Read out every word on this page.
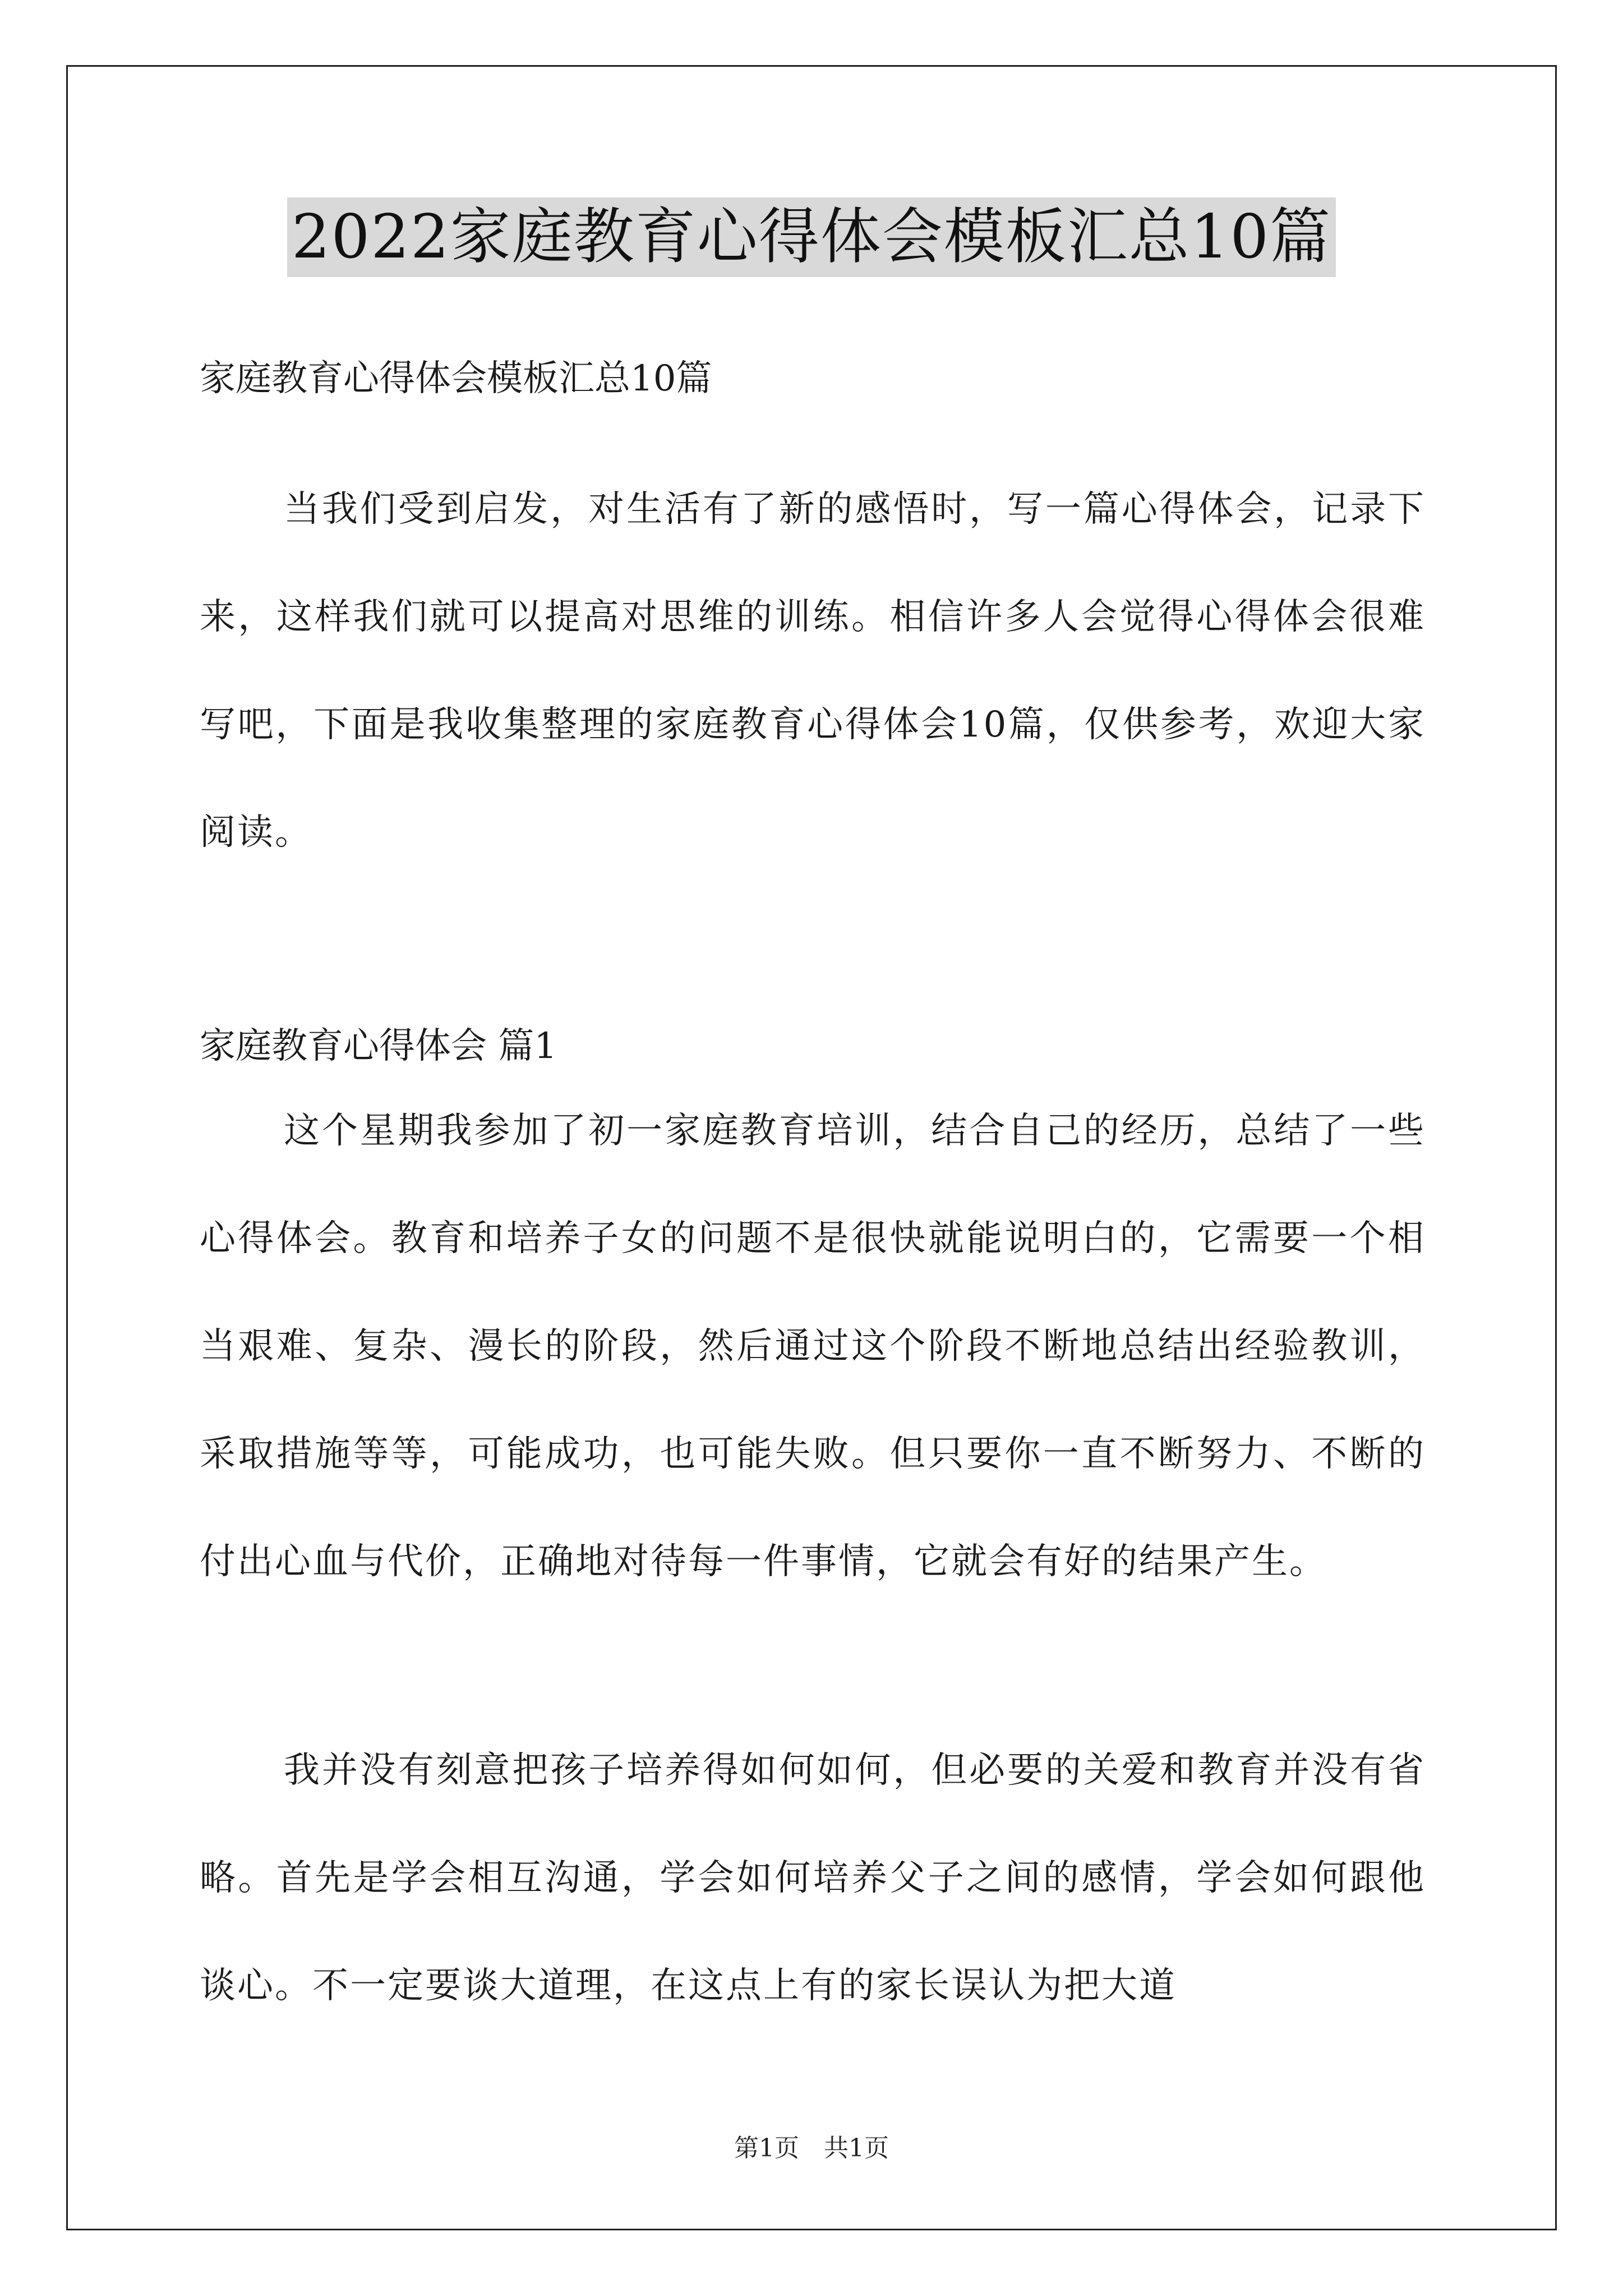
2022家庭教育心得体会模板汇总10篇
家庭教育心得体会模板汇总10篇

当我们受到启发，对生活有了新的感悟时，写一篇心得体会，记录下来，这样我们就可以提高对思维的训练。相信许多人会觉得心得体会很难写吧，下面是我收集整理的家庭教育心得体会10篇，仅供参考，欢迎大家阅读。

家庭教育心得体会 篇1

这个星期我参加了初一家庭教育培训，结合自己的经历，总结了一些心得体会。教育和培养子女的问题不是很快就能说明白的，它需要一个相当艰难、复杂、漫长的阶段，然后通过这个阶段不断地总结出经验教训，采取措施等等，可能成功，也可能失败。但只要你一直不断努力、不断的付出心血与代价，正确地对待每一件事情，它就会有好的结果产生。

我并没有刻意把孩子培养得如何如何，但必要的关爱和教育并没有省略。首先是学会相互沟通，学会如何培养父子之间的感情，学会如何跟他谈心。不一定要谈大道理，在这点上有的家长误认为把大道

第1页　共1页
